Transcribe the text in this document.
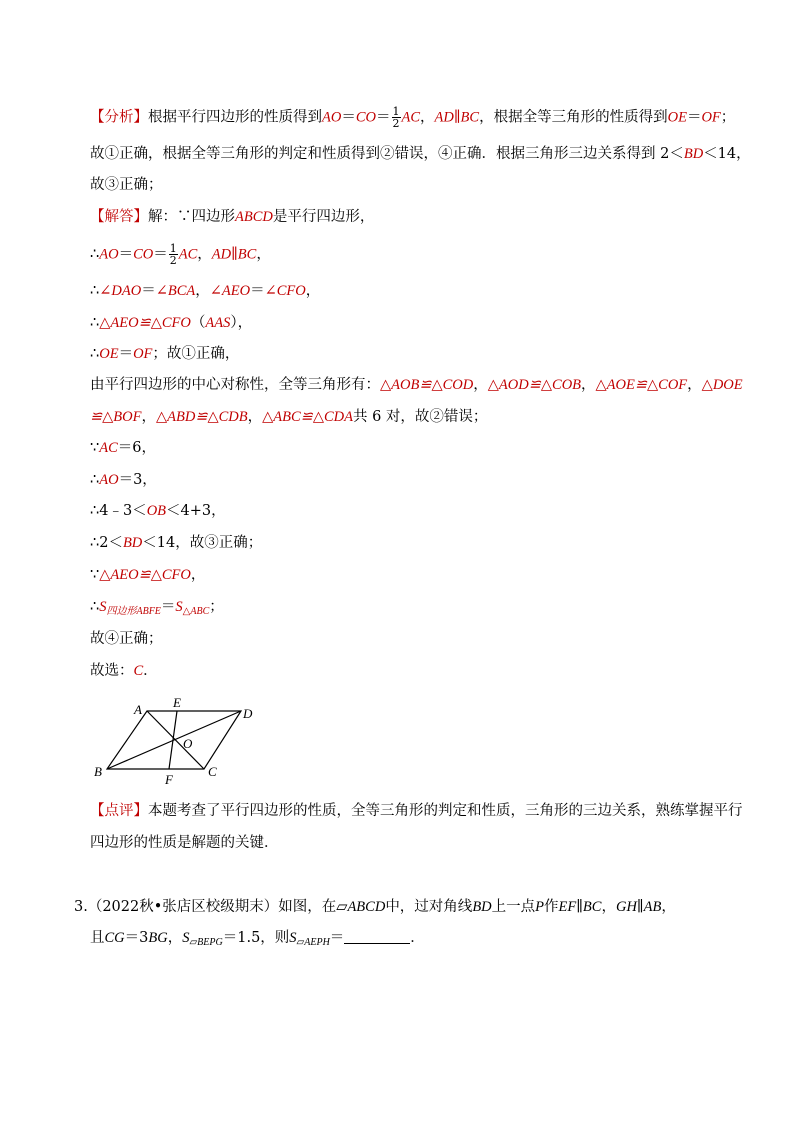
【分析】根据平行四边形的性质得到$AO=CO= \frac{1}{2}$ AC，AD∥BC，根据全等三角形的性质得到OE＝OF；
故①正确，根据全等三角形的判定和性质得到②错误，④正确．根据三角形三边关系得到 2＜BD＜14，
故③正确；
【解答】解：∵四边形ABCD是平行四边形，
∴AO＝CO＝ $\frac{1}{2}$ AC，AD∥BC，
∴∠DAO＝∠BCA，∠AEO＝∠CFO，
∴△AEO≌△CFO（AAS），
∴OE＝OF；故①正确，
由平行四边形的中心对称性，全等三角形有：△AOB≌△COD，△AOD≌△COB，△AOE≌△COF，△DOE
≌△BOF，△ABD≌△CDB，△ABC≌△CDA共 6 对，故②错误；
∵AC＝6，
∴AO＝3，
∴4﹣3＜OB＜4+3，
∴2＜BD＜14，故③正确；
∵△AEO≌△CFO，
$\therefore S_{四边形ABFE}=S_{\triangle ABC}$；
故④正确；
故选：C．
A E
D
O
B
F
C
【点评】本题考查了平行四边形的性质，全等三角形的判定和性质，三角形的三边关系，熟练掌握平行
四边形的性质是解题的关键．
3.（2022秋•张店区校级期末）如图，在▱ABCD中，过对角线BD上一点P作EF∥BC，GH∥AB，
且CG＝3BG，$S_{▱BEPG}=1.5$，则$S_{▱AEPH}=$	．
